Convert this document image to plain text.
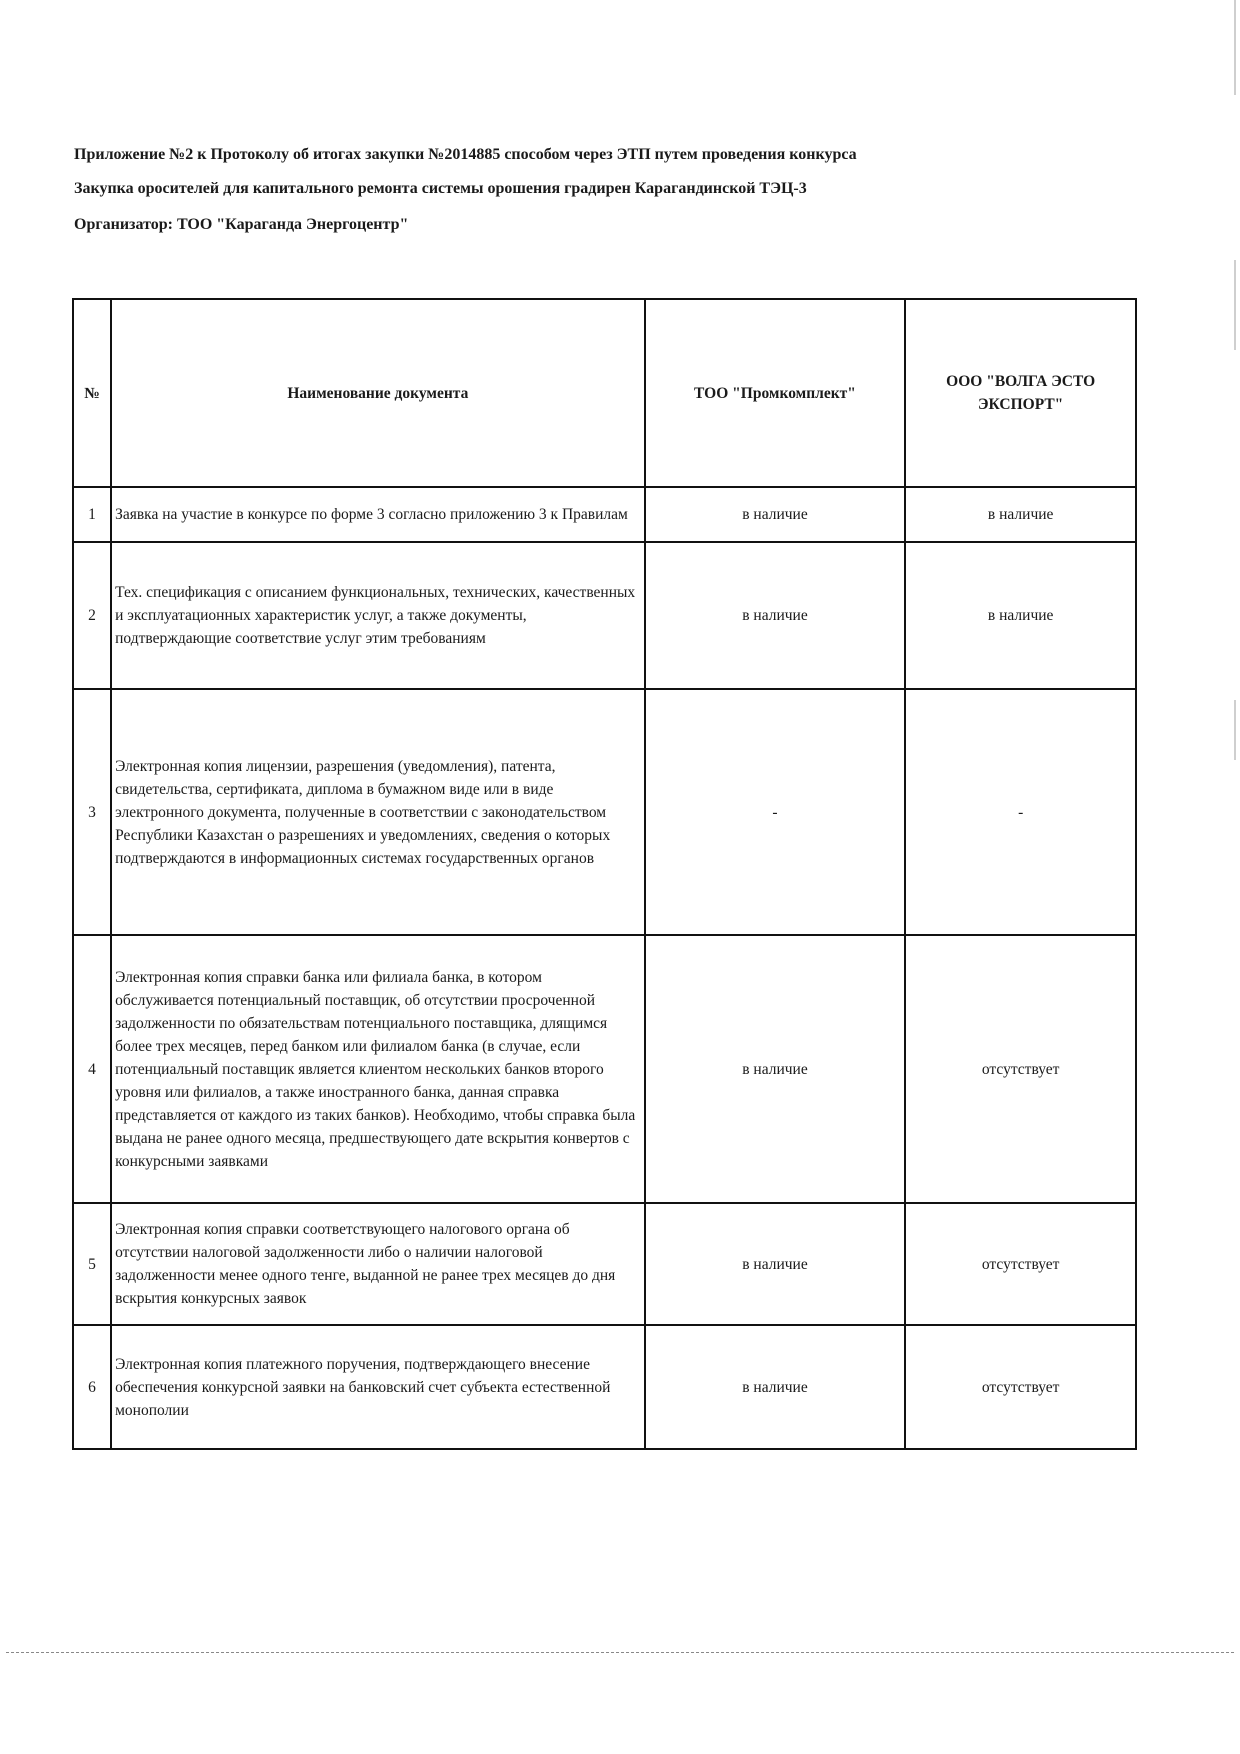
Приложение №2 к Протоколу об итогах закупки №2014885 способом через ЭТП путем проведения конкурса

Закупка оросителей для капитального ремонта системы орошения градирен Карагандинской ТЭЦ-3

Организатор: ТОО "Караганда Энергоцентр"

№	Наименование документа	ТОО "Промкомплект"	ООО "ВОЛГА ЭСТО ЭКСПОРТ"
1	Заявка на участие в конкурсе по форме 3 согласно приложению 3 к Правилам	в наличие	в наличие
2	Тех. спецификация с описанием функциональных, технических, качественных и эксплуатационных характеристик услуг, а также документы, подтверждающие соответствие услуг этим требованиям	в наличие	в наличие
3	Электронная копия лицензии, разрешения (уведомления), патента, свидетельства, сертификата, диплома в бумажном виде или в виде электронного документа, полученные в соответствии с законодательством Республики Казахстан о разрешениях и уведомлениях, сведения о которых подтверждаются в информационных системах государственных органов	-	-
4	Электронная копия справки банка или филиала банка, в котором обслуживается потенциальный поставщик, об отсутствии просроченной задолженности по обязательствам потенциального поставщика, длящимся более трех месяцев, перед банком или филиалом банка (в случае, если потенциальный поставщик является клиентом нескольких банков второго уровня или филиалов, а также иностранного банка, данная справка представляется от каждого из таких банков). Необходимо, чтобы справка была выдана не ранее одного месяца, предшествующего дате вскрытия конвертов с конкурсными заявками	в наличие	отсутствует
5	Электронная копия справки соответствующего налогового органа об отсутствии налоговой задолженности либо о наличии налоговой задолженности менее одного тенге, выданной не ранее трех месяцев до дня вскрытия конкурсных заявок	в наличие	отсутствует
6	Электронная копия платежного поручения, подтверждающего внесение обеспечения конкурсной заявки на банковский счет субъекта естественной монополии	в наличие	отсутствует
